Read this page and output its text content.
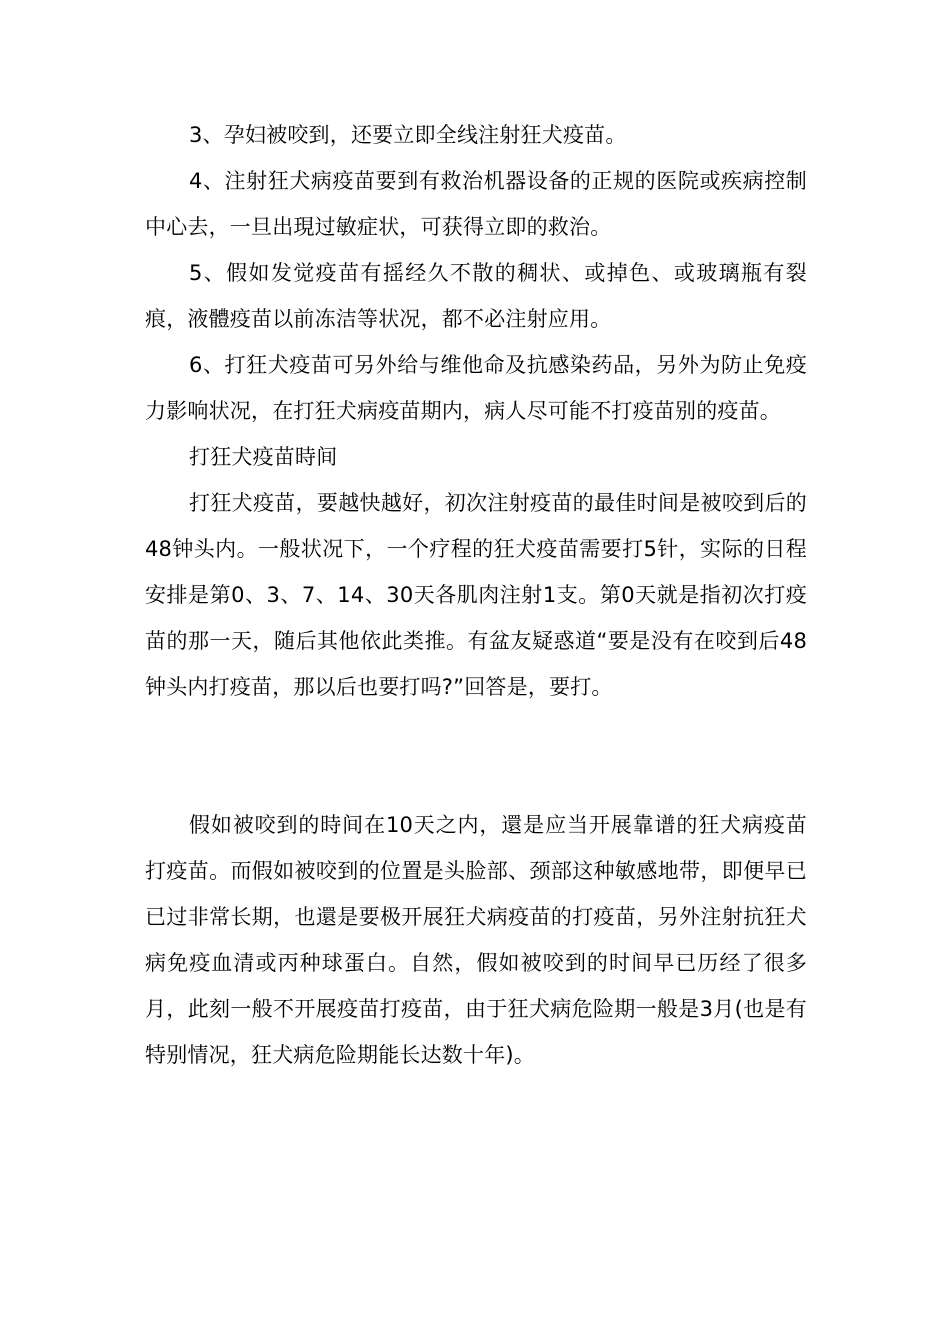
3、孕妇被咬到，还要立即全线注射狂犬疫苗。

4、注射狂犬病疫苗要到有救治机器设备的正规的医院或疾病控制中心去，一旦出現过敏症状，可获得立即的救治。

5、假如发觉疫苗有摇经久不散的稠状、或掉色、或玻璃瓶有裂痕，液體疫苗以前冻洁等状况，都不必注射应用。

6、打狂犬疫苗可另外给与维他命及抗感染药品，另外为防止免疫力影响状况，在打狂犬病疫苗期内，病人尽可能不打疫苗别的疫苗。

打狂犬疫苗時间

打狂犬疫苗，要越快越好，初次注射疫苗的最佳时间是被咬到后的48钟头内。一般状况下，一个疗程的狂犬疫苗需要打5针，实际的日程安排是第0、3、7、14、30天各肌肉注射1支。第0天就是指初次打疫苗的那一天，随后其他依此类推。有盆友疑惑道“要是没有在咬到后48钟头内打疫苗，那以后也要打吗?”回答是，要打。

假如被咬到的時间在10天之内，還是应当开展靠谱的狂犬病疫苗打疫苗。而假如被咬到的位置是头脸部、颈部这种敏感地带，即便早已已过非常长期，也還是要极开展狂犬病疫苗的打疫苗，另外注射抗狂犬病免疫血清或丙种球蛋白。自然，假如被咬到的时间早已历经了很多月，此刻一般不开展疫苗打疫苗，由于狂犬病危险期一般是3月(也是有特别情况，狂犬病危险期能长达数十年)。
